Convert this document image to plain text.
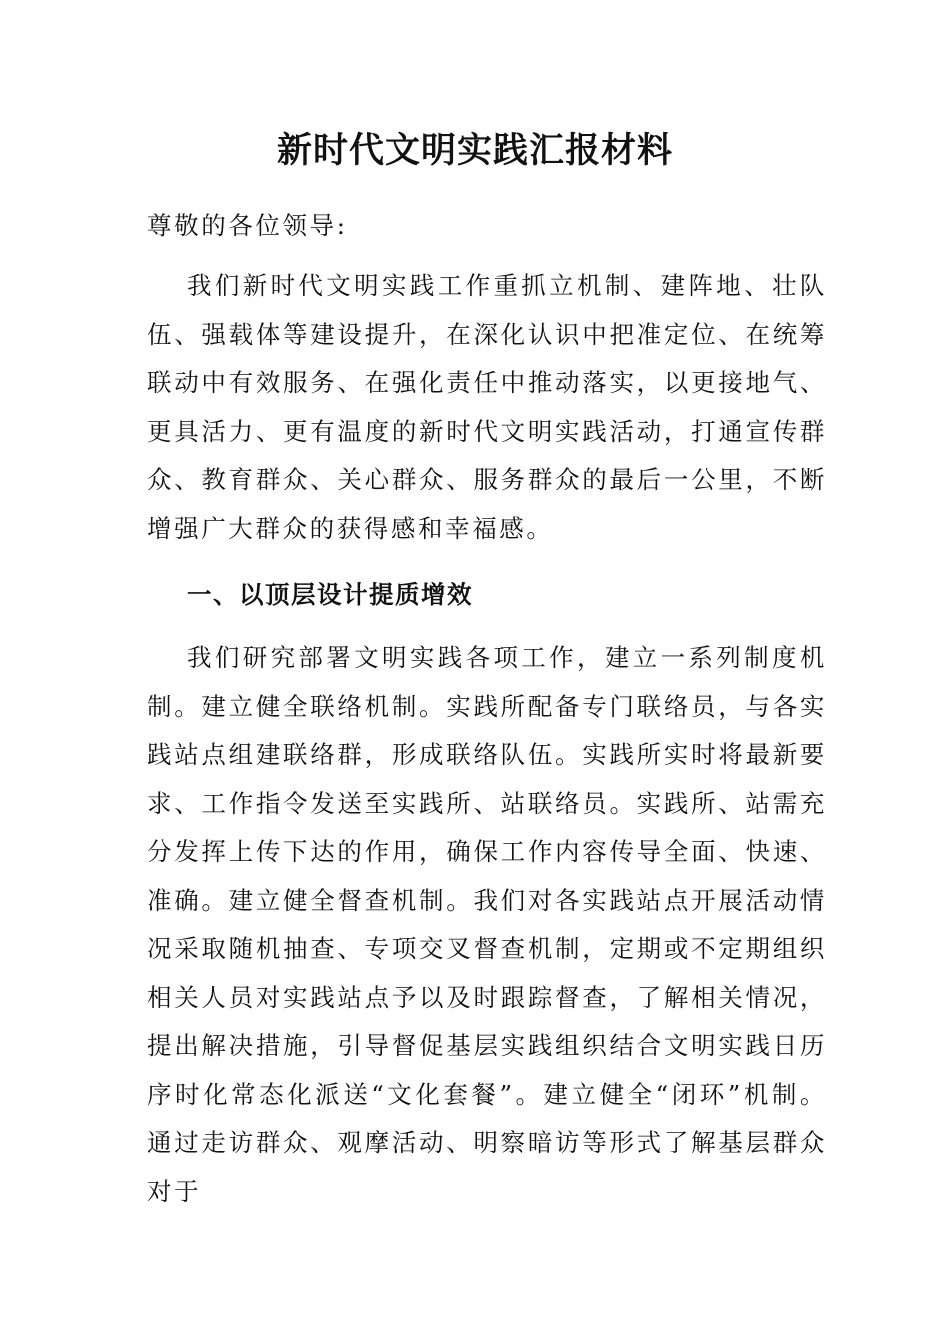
新时代文明实践汇报材料

尊敬的各位领导:

我们新时代文明实践工作重抓立机制、建阵地、壮队伍、强载体等建设提升，在深化认识中把准定位、在统筹联动中有效服务、在强化责任中推动落实，以更接地气、更具活力、更有温度的新时代文明实践活动，打通宣传群众、教育群众、关心群众、服务群众的最后一公里，不断增强广大群众的获得感和幸福感。

一、以顶层设计提质增效

我们研究部署文明实践各项工作，建立一系列制度机制。建立健全联络机制。实践所配备专门联络员，与各实践站点组建联络群，形成联络队伍。实践所实时将最新要求、工作指令发送至实践所、站联络员。实践所、站需充分发挥上传下达的作用，确保工作内容传导全面、快速、准确。建立健全督查机制。我们对各实践站点开展活动情况采取随机抽查、专项交叉督查机制，定期或不定期组织相关人员对实践站点予以及时跟踪督查，了解相关情况，提出解决措施，引导督促基层实践组织结合文明实践日历序时化常态化派送“文化套餐”。建立健全“闭环”机制。通过走访群众、观摩活动、明察暗访等形式了解基层群众对于
